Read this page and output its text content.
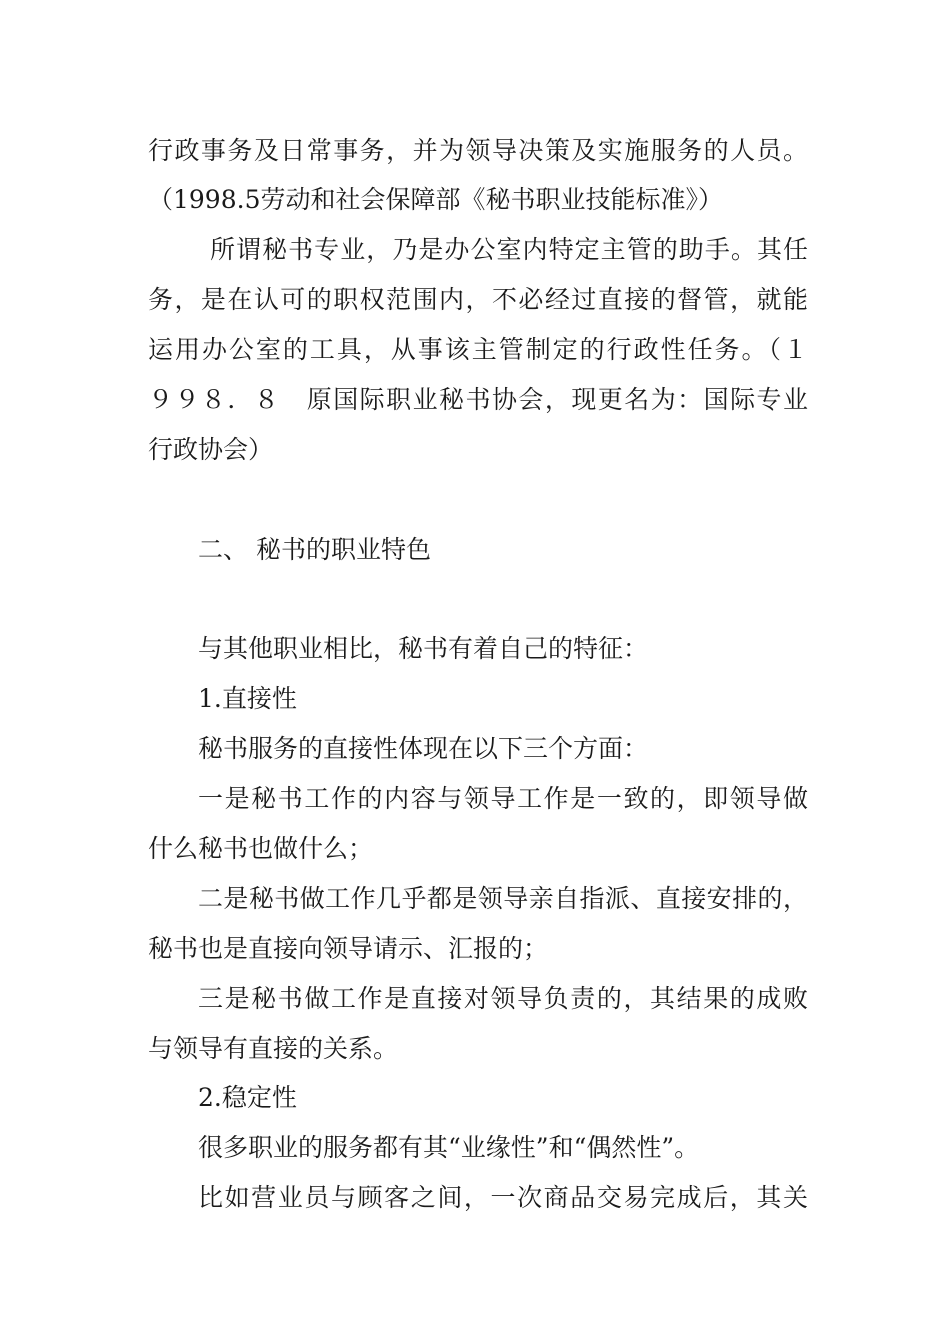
行政事务及日常事务，并为领导决策及实施服务的人员。
（1998.5劳动和社会保障部《秘书职业技能标准》）
所谓秘书专业，乃是办公室内特定主管的助手。其任
务，是在认可的职权范围内，不必经过直接的督管，就能
运用办公室的工具，从事该主管制定的行政性任务。（１
９９８．８　原国际职业秘书协会，现更名为：国际专业
行政协会）
二、 秘书的职业特色
与其他职业相比，秘书有着自己的特征：
1.直接性
秘书服务的直接性体现在以下三个方面：
一是秘书工作的内容与领导工作是一致的，即领导做
什么秘书也做什么；
二是秘书做工作几乎都是领导亲自指派、直接安排的，
秘书也是直接向领导请示、汇报的；
三是秘书做工作是直接对领导负责的，其结果的成败
与领导有直接的关系。
2.稳定性
很多职业的服务都有其“业缘性”和“偶然性”。
比如营业员与顾客之间，一次商品交易完成后，其关
